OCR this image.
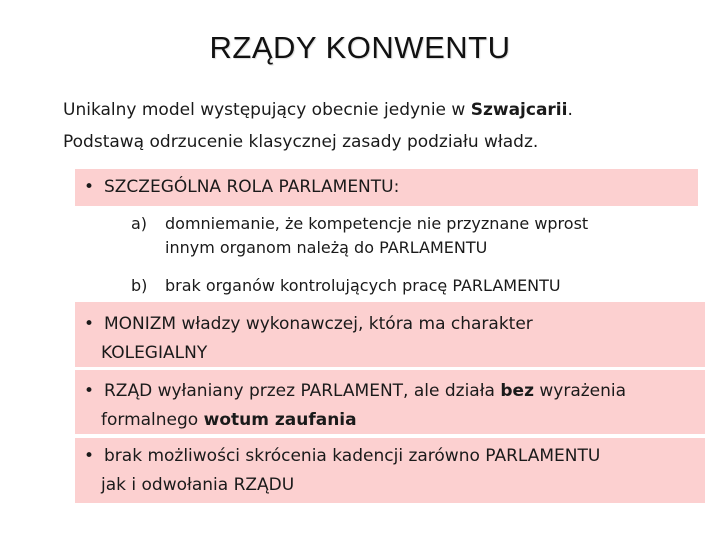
RZĄDY KONWENTU
Unikalny model występujący obecnie jedynie w Szwajcarii.
Podstawą odrzucenie klasycznej zasady podziału władz.
• SZCZEGÓLNA ROLA PARLAMENTU:
a) domniemanie, że kompetencje nie przyznane wprost
innym organom należą do PARLAMENTU
b) brak organów kontrolujących pracę PARLAMENTU
• MONIZM władzy wykonawczej, która ma charakter
KOLEGIALNY
• RZĄD wyłaniany przez PARLAMENT, ale działa bez wyrażenia
formalnego wotum zaufania
• brak możliwości skrócenia kadencji zarówno PARLAMENTU
jak i odwołania RZĄDU
